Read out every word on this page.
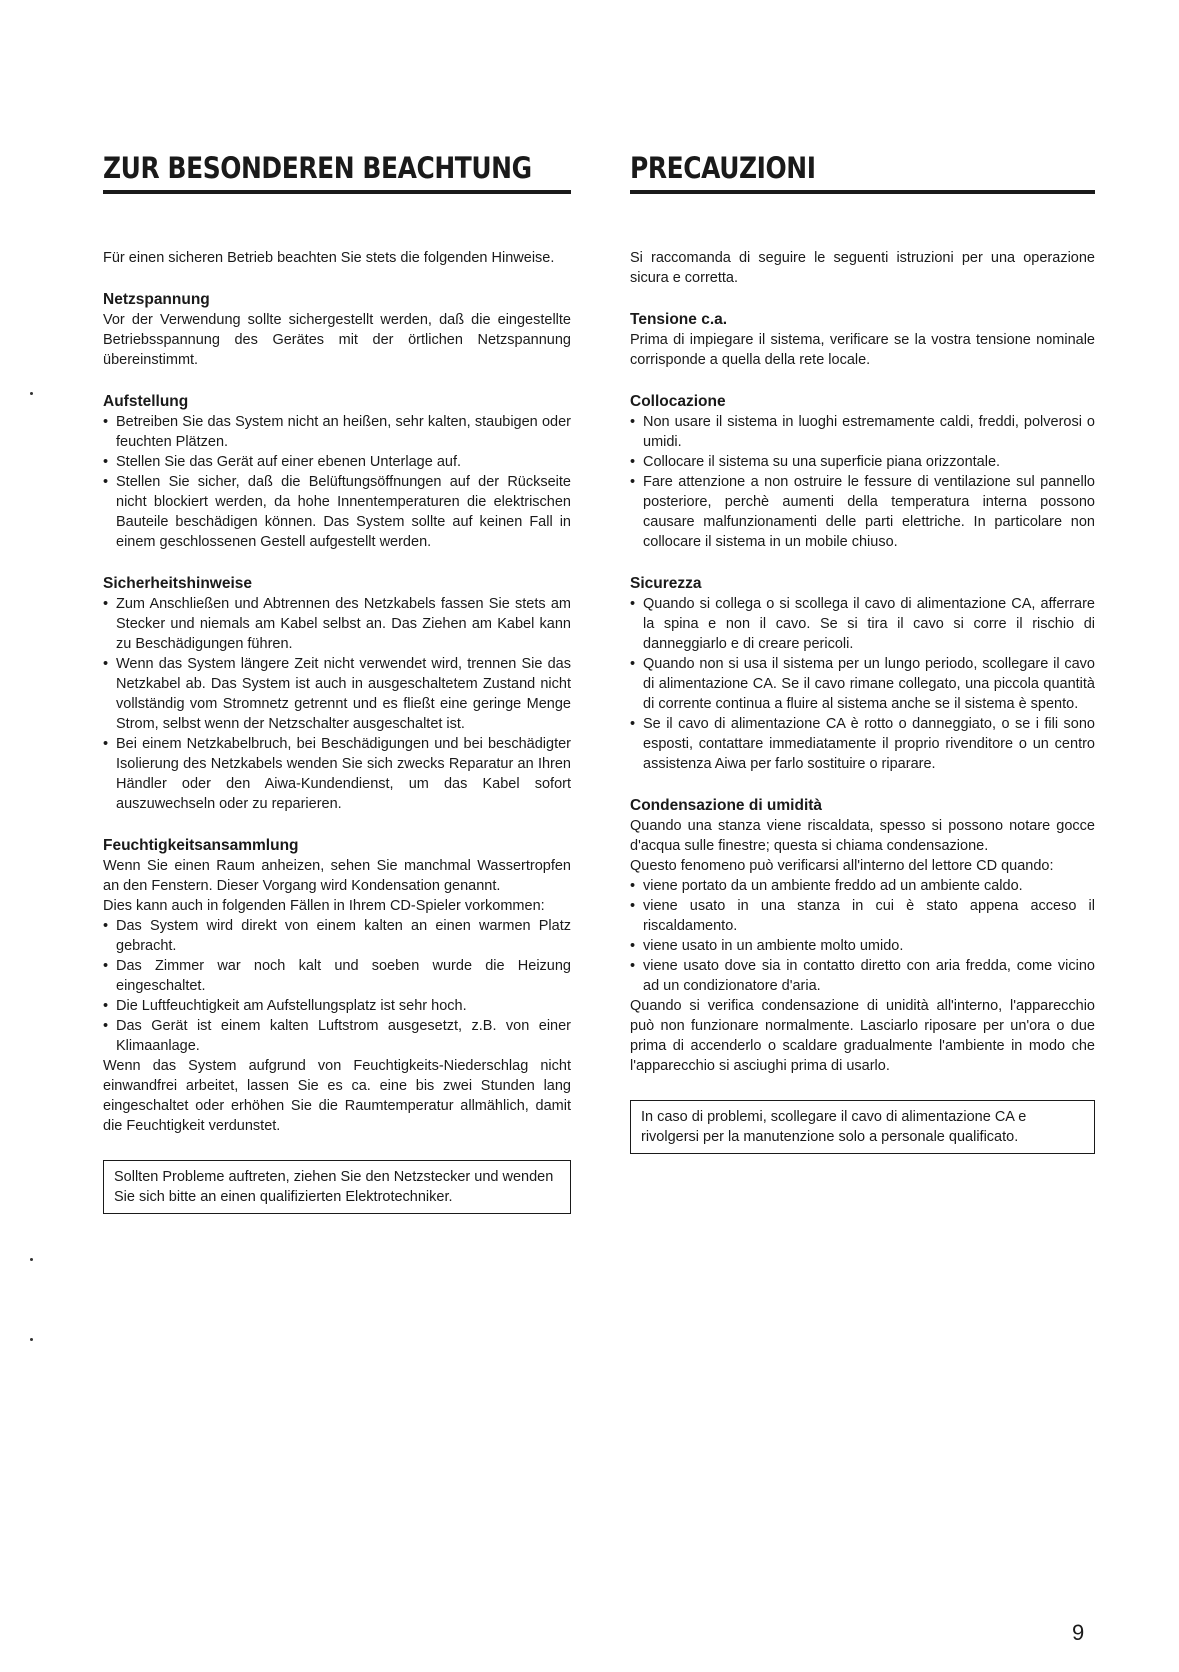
ZUR BESONDEREN BEACHTUNG

Für einen sicheren Betrieb beachten Sie stets die folgenden Hinweise.

Netzspannung

Vor der Verwendung sollte sichergestellt werden, daß die eingestellte Betriebsspannung des Gerätes mit der örtlichen Netzspannung übereinstimmt.

Aufstellung
• Betreiben Sie das System nicht an heißen, sehr kalten, staubigen oder feuchten Plätzen.
• Stellen Sie das Gerät auf einer ebenen Unterlage auf.
• Stellen Sie sicher, daß die Belüftungsöffnungen auf der Rückseite nicht blockiert werden, da hohe Innentemperaturen die elektrischen Bauteile beschädigen können. Das System sollte auf keinen Fall in einem geschlossenen Gestell aufgestellt werden.
Sicherheitshinweise
• Zum Anschließen und Abtrennen des Netzkabels fassen Sie stets am Stecker und niemals am Kabel selbst an. Das Ziehen am Kabel kann zu Beschädigungen führen.
• Wenn das System längere Zeit nicht verwendet wird, trennen Sie das Netzkabel ab. Das System ist auch in ausgeschaltetem Zustand nicht vollständig vom Stromnetz getrennt und es fließt eine geringe Menge Strom, selbst wenn der Netzschalter ausgeschaltet ist.
• Bei einem Netzkabelbruch, bei Beschädigungen und bei beschädigter Isolierung des Netzkabels wenden Sie sich zwecks Reparatur an Ihren Händler oder den Aiwa-Kundendienst, um das Kabel sofort auszuwechseln oder zu reparieren.
Feuchtigkeitsansammlung

Wenn Sie einen Raum anheizen, sehen Sie manchmal Wassertropfen an den Fenstern. Dieser Vorgang wird Kondensation genannt.

Dies kann auch in folgenden Fällen in Ihrem CD-Spieler vorkommen:

• Das System wird direkt von einem kalten an einen warmen Platz gebracht.
• Das Zimmer war noch kalt und soeben wurde die Heizung eingeschaltet.
• Die Luftfeuchtigkeit am Aufstellungsplatz ist sehr hoch.
• Das Gerät ist einem kalten Luftstrom ausgesetzt, z.B. von einer Klimaanlage.

Wenn das System aufgrund von Feuchtigkeits-Niederschlag nicht einwandfrei arbeitet, lassen Sie es ca. eine bis zwei Stunden lang eingeschaltet oder erhöhen Sie die Raumtemperatur allmählich, damit die Feuchtigkeit verdunstet.

Sollten Probleme auftreten, ziehen Sie den Netzstecker und wenden Sie sich bitte an einen qualifizierten Elektrotechniker.
PRECAUZIONI

Si raccomanda di seguire le seguenti istruzioni per una operazione sicura e corretta.

Tensione c.a.

Prima di impiegare il sistema, verificare se la vostra tensione nominale corrisponde a quella della rete locale.

Collocazione
• Non usare il sistema in luoghi estremamente caldi, freddi, polverosi o umidi.
• Collocare il sistema su una superficie piana orizzontale.
• Fare attenzione a non ostruire le fessure di ventilazione sul pannello posteriore, perchè aumenti della temperatura interna possono causare malfunzionamenti delle parti elettriche. In particolare non collocare il sistema in un mobile chiuso.
Sicurezza
• Quando si collega o si scollega il cavo di alimentazione CA, afferrare la spina e non il cavo. Se si tira il cavo si corre il rischio di danneggiarlo e di creare pericoli.
• Quando non si usa il sistema per un lungo periodo, scollegare il cavo di alimentazione CA. Se il cavo rimane collegato, una piccola quantità di corrente continua a fluire al sistema anche se il sistema è spento.
• Se il cavo di alimentazione CA è rotto o danneggiato, o se i fili sono esposti, contattare immediatamente il proprio rivenditore o un centro assistenza Aiwa per farlo sostituire o riparare.
Condensazione di umidità

Quando una stanza viene riscaldata, spesso si possono notare gocce d'acqua sulle finestre; questa si chiama condensazione.

Questo fenomeno può verificarsi all'interno del lettore CD quando:

• viene portato da un ambiente freddo ad un ambiente caldo.
• viene usato in una stanza in cui è stato appena acceso il riscaldamento.
• viene usato in un ambiente molto umido.
• viene usato dove sia in contatto diretto con aria fredda, come vicino ad un condizionatore d'aria.

Quando si verifica condensazione di unidità all'interno, l'apparecchio può non funzionare normalmente. Lasciarlo riposare per un'ora o due prima di accenderlo o scaldare gradualmente l'ambiente in modo che l'apparecchio si asciughi prima di usarlo.

In caso di problemi, scollegare il cavo di alimentazione CA e rivolgersi per la manutenzione solo a personale qualificato.
9
